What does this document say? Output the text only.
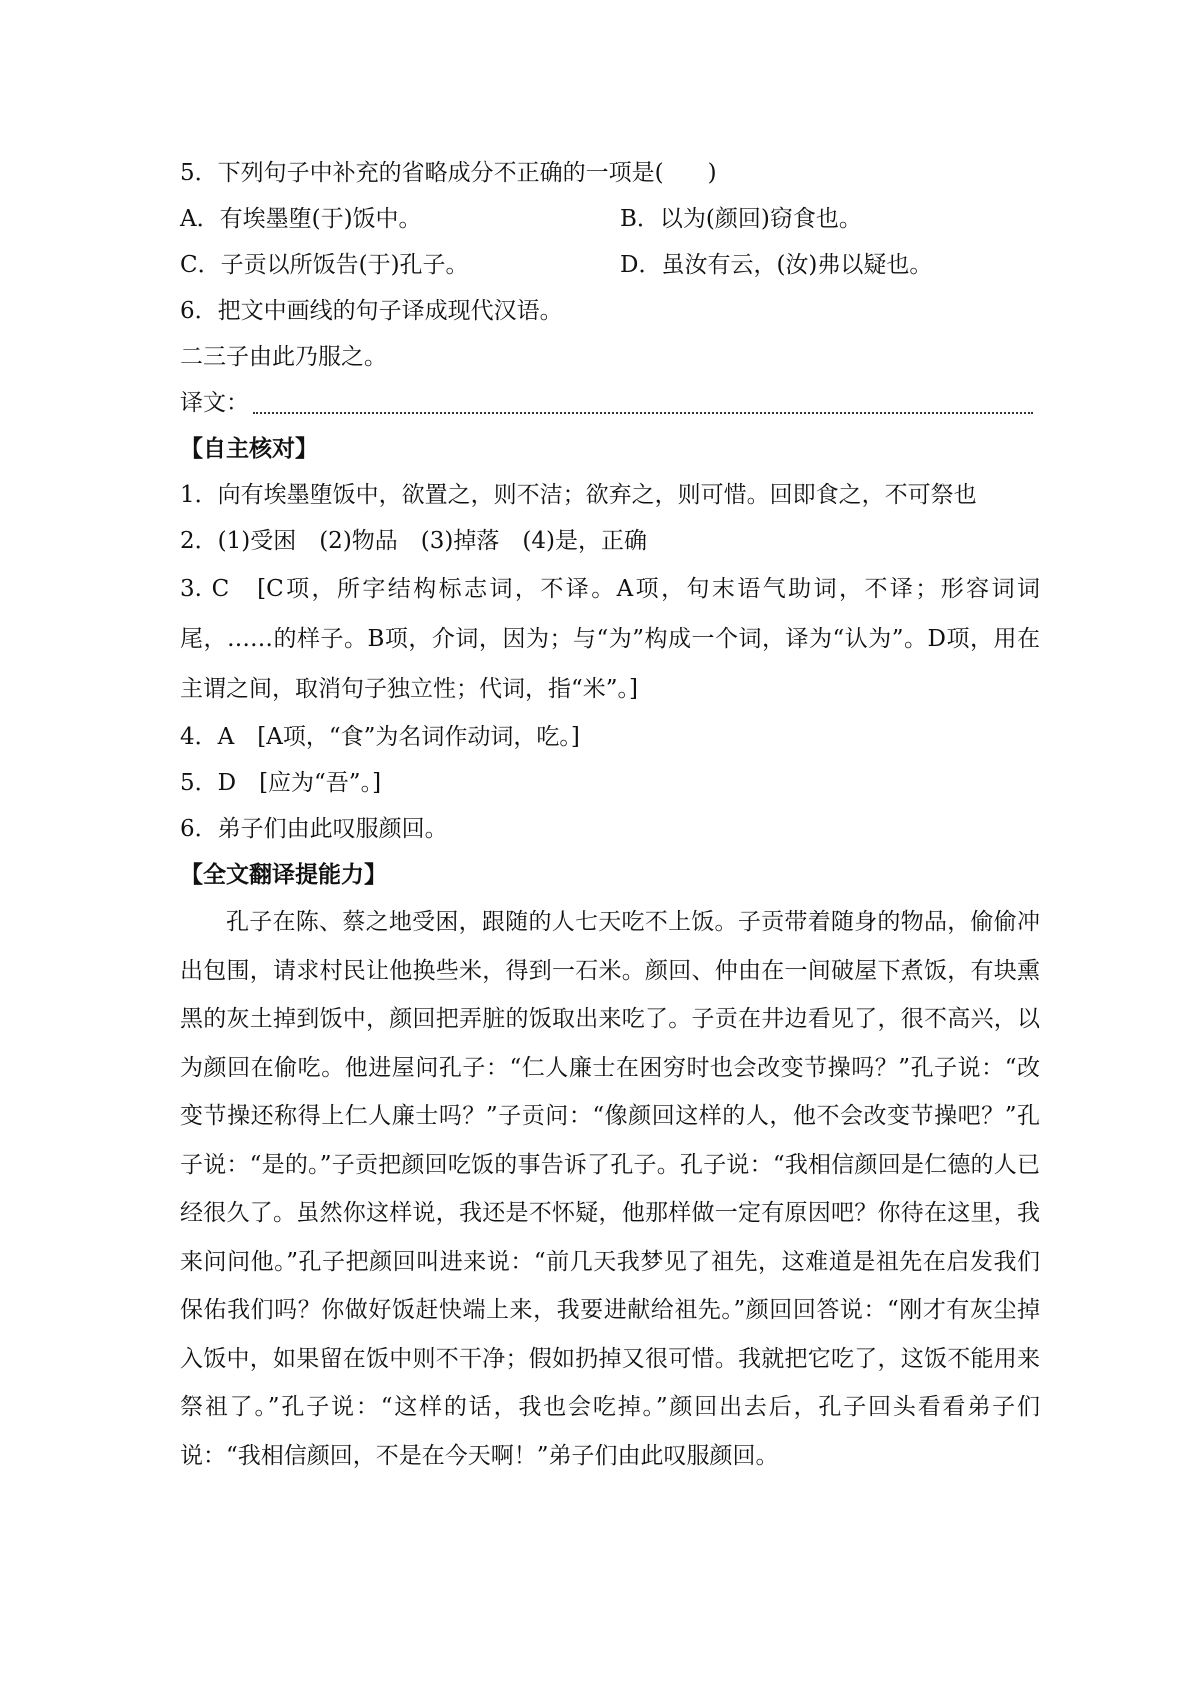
5．下列句子中补充的省略成分不正确的一项是( )
A．有埃墨堕(于)饭中。	B．以为(颜回)窃食也。
C．子贡以所饭告(于)孔子。	D．虽汝有云，(汝)弗以疑也。
6．把文中画线的句子译成现代汉语。
二三子由此乃服之。
译文：
【自主核对】
1．向有埃墨堕饭中，欲置之，则不洁；欲弃之，则可惜。回即食之，不可祭也
2．(1)受困　(2)物品　(3)掉落　(4)是，正确

3. C　[C项，所字结构标志词，不译。A项，句末语气助词，不译；形容词词尾，……的样子。B项，介词，因为；与“为”构成一个词，译为“认为”。D项，用在主谓之间，取消句子独立性；代词，指“米”。]

4．A　[A项，“食”为名词作动词，吃。]
5．D　[应为“吾”。]
6．弟子们由此叹服颜回。
【全文翻译提能力】

孔子在陈、蔡之地受困，跟随的人七天吃不上饭。子贡带着随身的物品，偷偷冲出包围，请求村民让他换些米，得到一石米。颜回、仲由在一间破屋下煮饭，有块熏黑的灰土掉到饭中，颜回把弄脏的饭取出来吃了。子贡在井边看见了，很不高兴，以为颜回在偷吃。他进屋问孔子：“仁人廉士在困穷时也会改变节操吗？”孔子说：“改变节操还称得上仁人廉士吗？”子贡问：“像颜回这样的人，他不会改变节操吧？”孔子说：“是的。”子贡把颜回吃饭的事告诉了孔子。孔子说：“我相信颜回是仁德的人已经很久了。虽然你这样说，我还是不怀疑，他那样做一定有原因吧？你待在这里，我来问问他。”孔子把颜回叫进来说：“前几天我梦见了祖先，这难道是祖先在启发我们保佑我们吗？你做好饭赶快端上来，我要进献给祖先。”颜回回答说：“刚才有灰尘掉入饭中，如果留在饭中则不干净；假如扔掉又很可惜。我就把它吃了，这饭不能用来祭祖了。”孔子说：“这样的话，我也会吃掉。”颜回出去后，孔子回头看看弟子们说：“我相信颜回，不是在今天啊！”弟子们由此叹服颜回。
